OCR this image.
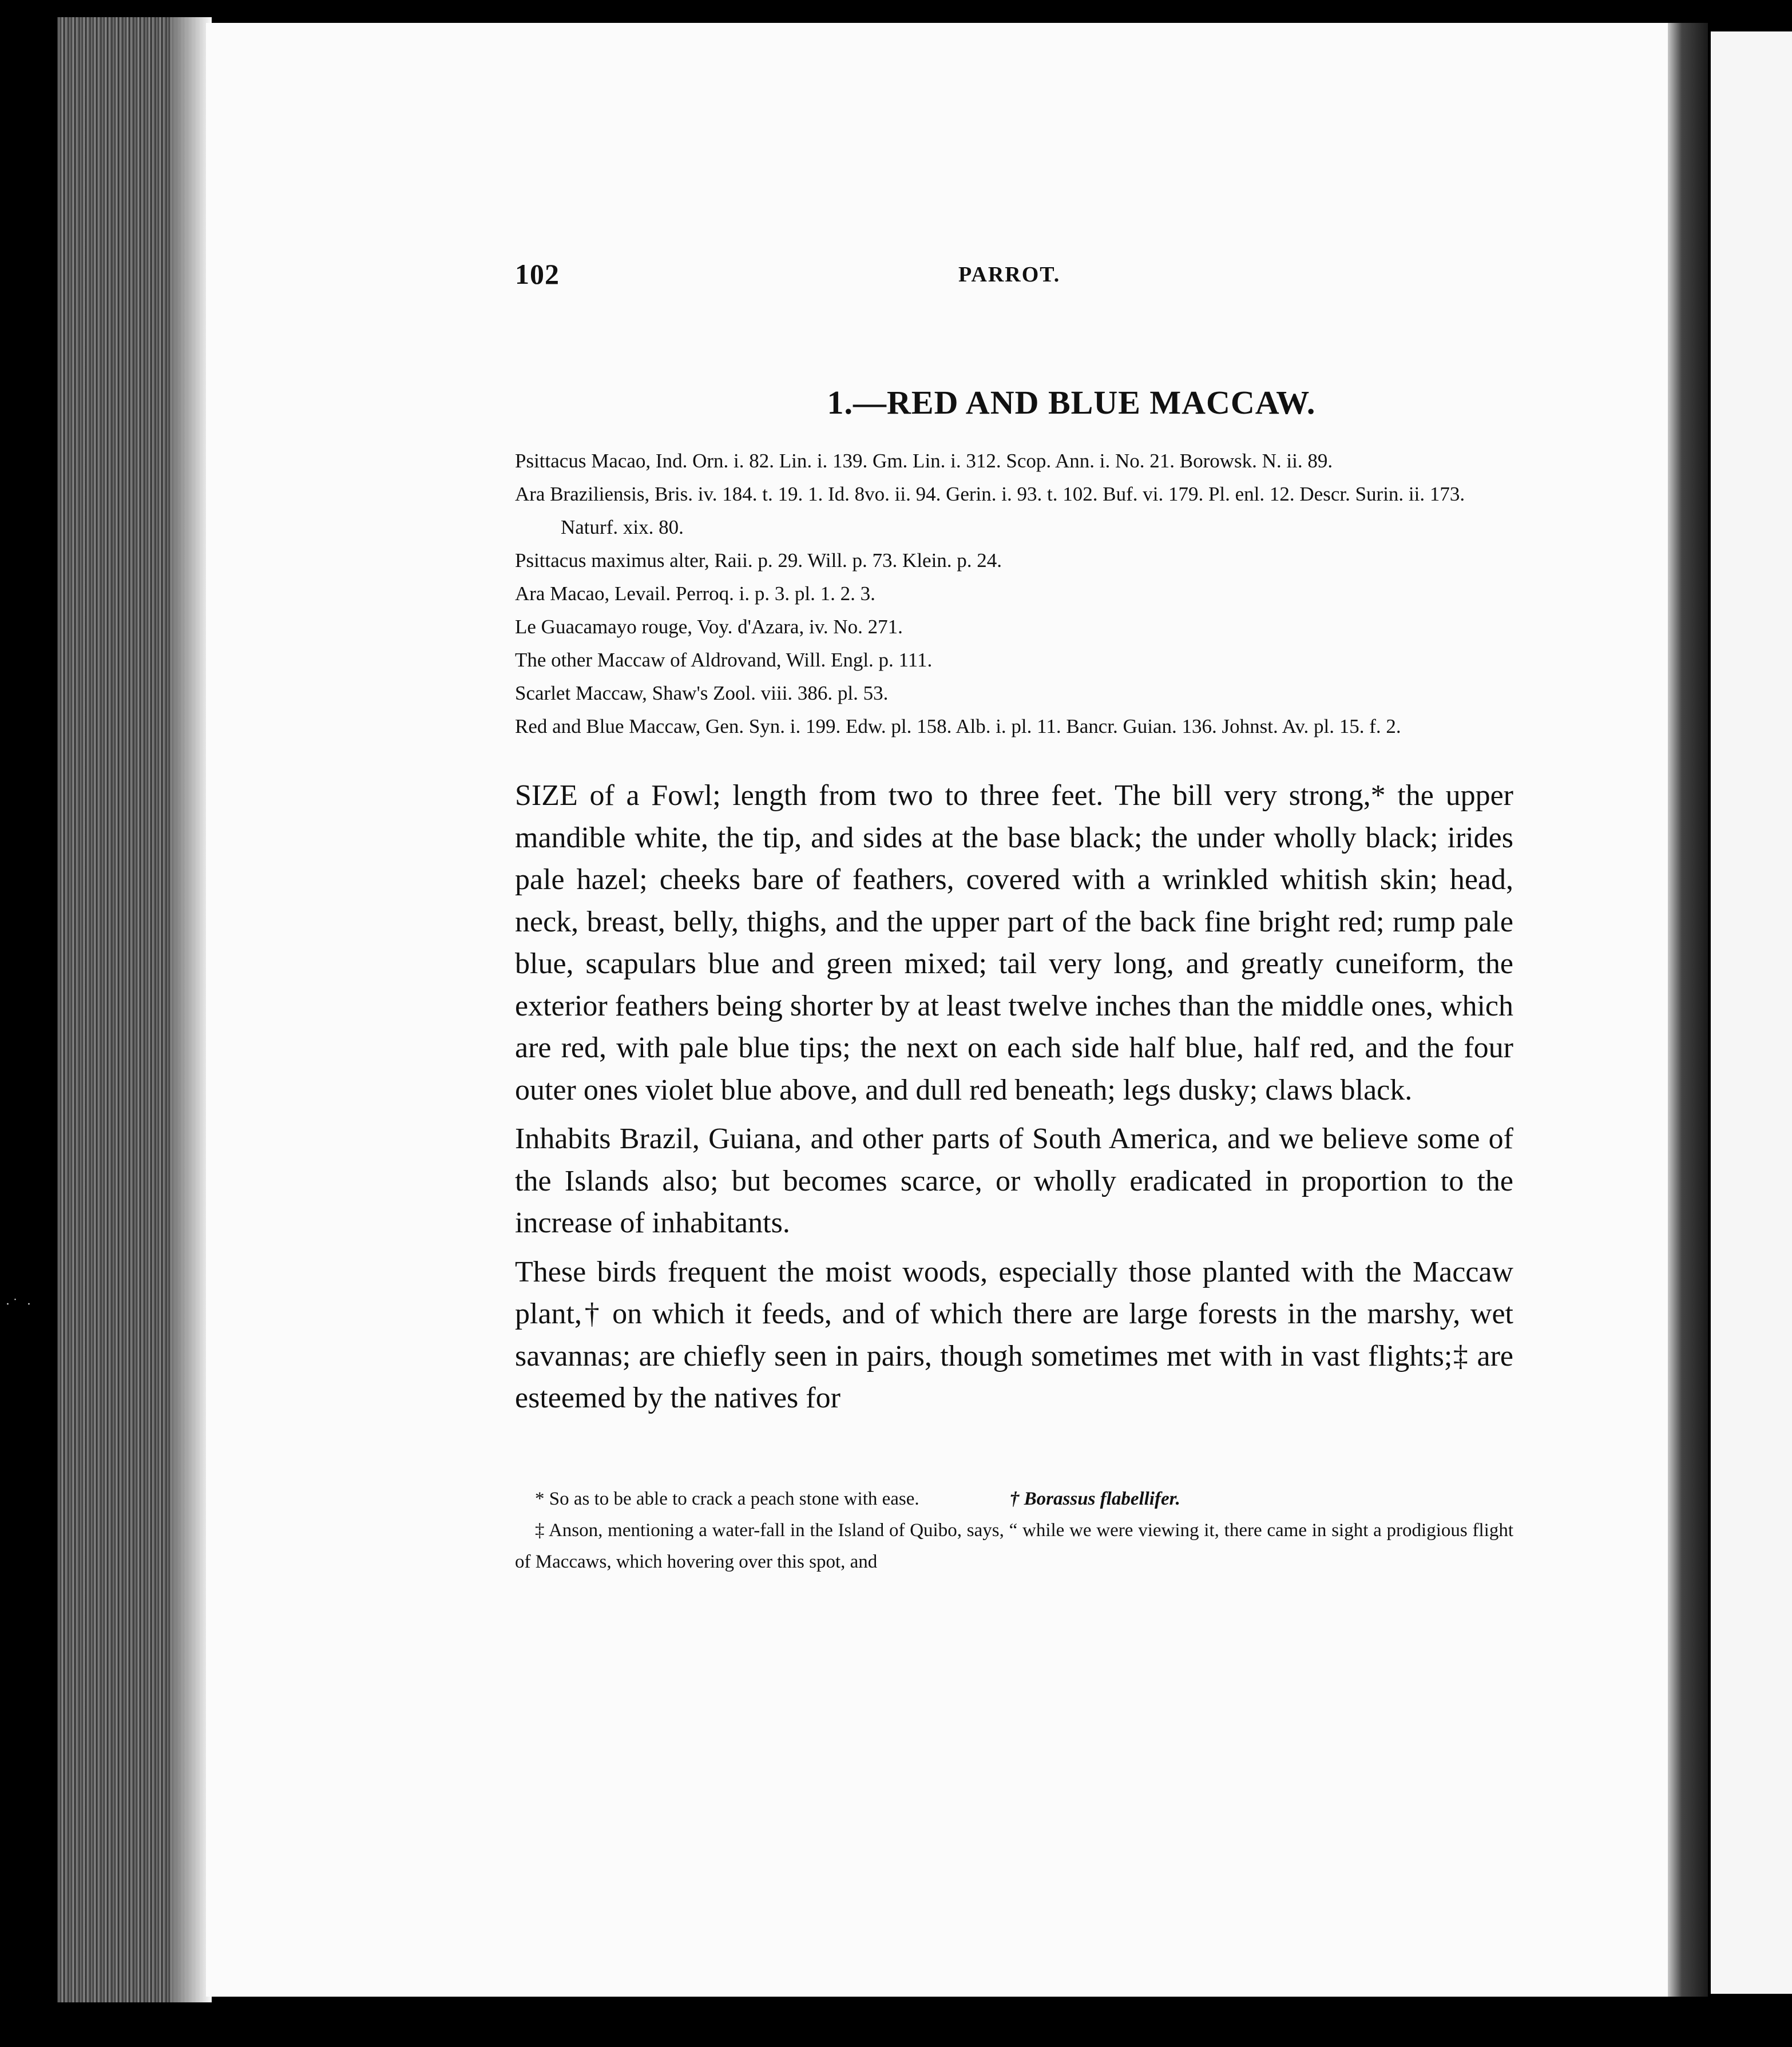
·˙ ·
102	PARROT.
1.—RED AND BLUE MACCAW.

Psittacus Macao, Ind. Orn. i. 82. Lin. i. 139. Gm. Lin. i. 312. Scop. Ann. i. No. 21. Borowsk. N. ii. 89.

Ara Braziliensis, Bris. iv. 184. t. 19. 1. Id. 8vo. ii. 94. Gerin. i. 93. t. 102. Buf. vi. 179. Pl. enl. 12. Descr. Surin. ii. 173. Naturf. xix. 80.

Psittacus maximus alter, Raii. p. 29. Will. p. 73. Klein. p. 24.

Ara Macao, Levail. Perroq. i. p. 3. pl. 1. 2. 3.

Le Guacamayo rouge, Voy. d'Azara, iv. No. 271.

The other Maccaw of Aldrovand, Will. Engl. p. 111.

Scarlet Maccaw, Shaw's Zool. viii. 386. pl. 53.

Red and Blue Maccaw, Gen. Syn. i. 199. Edw. pl. 158. Alb. i. pl. 11. Bancr. Guian. 136. Johnst. Av. pl. 15. f. 2.

SIZE of a Fowl; length from two to three feet. The bill very strong,* the upper mandible white, the tip, and sides at the base black; the under wholly black; irides pale hazel; cheeks bare of feathers, covered with a wrinkled whitish skin; head, neck, breast, belly, thighs, and the upper part of the back fine bright red; rump pale blue, scapulars blue and green mixed; tail very long, and greatly cuneiform, the exterior feathers being shorter by at least twelve inches than the middle ones, which are red, with pale blue tips; the next on each side half blue, half red, and the four outer ones violet blue above, and dull red beneath; legs dusky; claws black.

Inhabits Brazil, Guiana, and other parts of South America, and we believe some of the Islands also; but becomes scarce, or wholly eradicated in proportion to the increase of inhabitants.

These birds frequent the moist woods, especially those planted with the Maccaw plant,† on which it feeds, and of which there are large forests in the marshy, wet savannas; are chiefly seen in pairs, though sometimes met with in vast flights;‡ are esteemed by the natives for

* So as to be able to crack a peach stone with ease.	† Borassus flabellifer.

‡ Anson, mentioning a water-fall in the Island of Quibo, says, “ while we were viewing it, there came in sight a prodigious flight of Maccaws, which hovering over this spot, and
